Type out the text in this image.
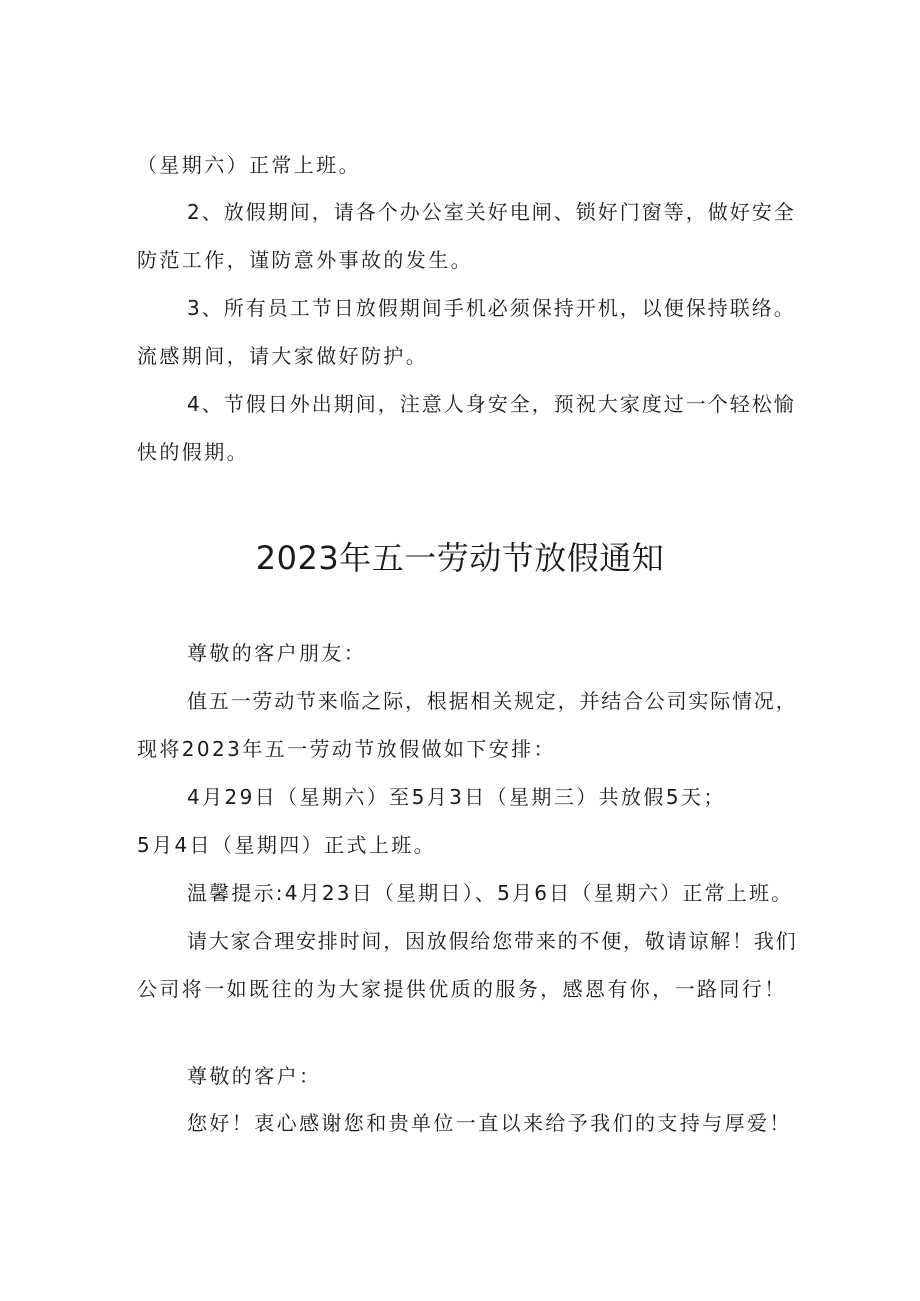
（星期六）正常上班。
2、放假期间，请各个办公室关好电闸、锁好门窗等，做好安全
防范工作，谨防意外事故的发生。
3、所有员工节日放假期间手机必须保持开机，以便保持联络。
流感期间，请大家做好防护。
4、节假日外出期间，注意人身安全，预祝大家度过一个轻松愉
快的假期。
2023年五一劳动节放假通知
尊敬的客户朋友：
值五一劳动节来临之际，根据相关规定，并结合公司实际情况，
现将2023年五一劳动节放假做如下安排：
4月29日（星期六）至5月3日（星期三）共放假5天；
5月4日（星期四）正式上班。
温馨提示:4月23日（星期日）、5月6日（星期六）正常上班。
请大家合理安排时间，因放假给您带来的不便，敬请谅解！我们
公司将一如既往的为大家提供优质的服务，感恩有你，一路同行！
尊敬的客户：
您好！衷心感谢您和贵单位一直以来给予我们的支持与厚爱！
